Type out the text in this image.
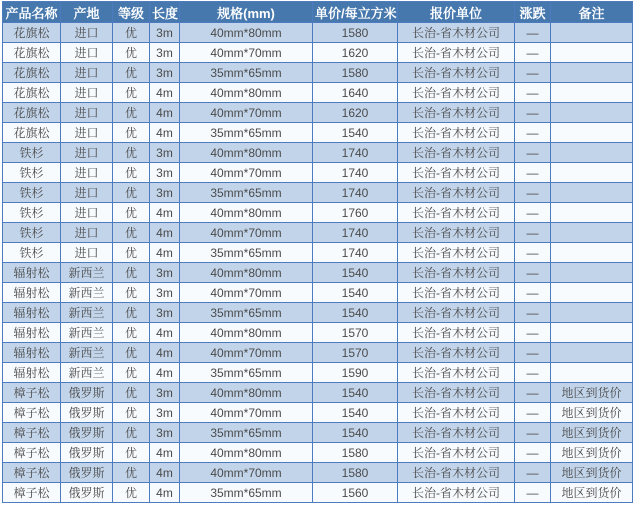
产品名称	产地	等级	长度	规格(mm)	单价/每立方米	报价单位	涨跌	备注
花旗松	进口	优	3m	40mm*80mm	1580	长治-省木材公司	—	
花旗松	进口	优	3m	40mm*70mm	1620	长治-省木材公司	—	
花旗松	进口	优	3m	35mm*65mm	1580	长治-省木材公司	—	
花旗松	进口	优	4m	40mm*80mm	1640	长治-省木材公司	—	
花旗松	进口	优	4m	40mm*70mm	1620	长治-省木材公司	—	
花旗松	进口	优	4m	35mm*65mm	1540	长治-省木材公司	—	
铁杉	进口	优	3m	40mm*80mm	1740	长治-省木材公司	—	
铁杉	进口	优	3m	40mm*70mm	1740	长治-省木材公司	—	
铁杉	进口	优	3m	35mm*65mm	1740	长治-省木材公司	—	
铁杉	进口	优	4m	40mm*80mm	1760	长治-省木材公司	—	
铁杉	进口	优	4m	40mm*70mm	1740	长治-省木材公司	—	
铁杉	进口	优	4m	35mm*65mm	1740	长治-省木材公司	—	
辐射松	新西兰	优	3m	40mm*80mm	1540	长治-省木材公司	—	
辐射松	新西兰	优	3m	40mm*70mm	1540	长治-省木材公司	—	
辐射松	新西兰	优	3m	35mm*65mm	1540	长治-省木材公司	—	
辐射松	新西兰	优	4m	40mm*80mm	1570	长治-省木材公司	—	
辐射松	新西兰	优	4m	40mm*70mm	1570	长治-省木材公司	—	
辐射松	新西兰	优	4m	35mm*65mm	1590	长治-省木材公司	—	
樟子松	俄罗斯	优	3m	40mm*80mm	1540	长治-省木材公司	—	地区到货价
樟子松	俄罗斯	优	3m	40mm*70mm	1540	长治-省木材公司	—	地区到货价
樟子松	俄罗斯	优	3m	35mm*65mm	1540	长治-省木材公司	—	地区到货价
樟子松	俄罗斯	优	4m	40mm*80mm	1580	长治-省木材公司	—	地区到货价
樟子松	俄罗斯	优	4m	40mm*70mm	1580	长治-省木材公司	—	地区到货价
樟子松	俄罗斯	优	4m	35mm*65mm	1560	长治-省木材公司	—	地区到货价
